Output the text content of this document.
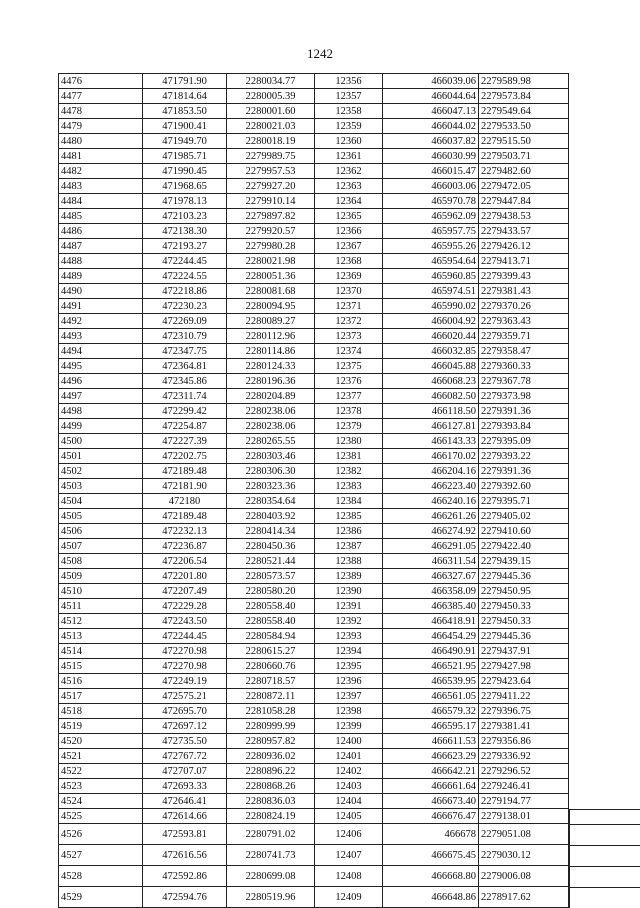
1242
4476	471791.90	2280034.77	12356	466039.06	2279589.98
4477	471814.64	2280005.39	12357	466044.64	2279573.84
4478	471853.50	2280001.60	12358	466047.13	2279549.64
4479	471900.41	2280021.03	12359	466044.02	2279533.50
4480	471949.70	2280018.19	12360	466037.82	2279515.50
4481	471985.71	2279989.75	12361	466030.99	2279503.71
4482	471990.45	2279957.53	12362	466015.47	2279482.60
4483	471968.65	2279927.20	12363	466003.06	2279472.05
4484	471978.13	2279910.14	12364	465970.78	2279447.84
4485	472103.23	2279897.82	12365	465962.09	2279438.53
4486	472138.30	2279920.57	12366	465957.75	2279433.57
4487	472193.27	2279980.28	12367	465955.26	2279426.12
4488	472244.45	2280021.98	12368	465954.64	2279413.71
4489	472224.55	2280051.36	12369	465960.85	2279399.43
4490	472218.86	2280081.68	12370	465974.51	2279381.43
4491	472230.23	2280094.95	12371	465990.02	2279370.26
4492	472269.09	2280089.27	12372	466004.92	2279363.43
4493	472310.79	2280112.96	12373	466020.44	2279359.71
4494	472347.75	2280114.86	12374	466032.85	2279358.47
4495	472364.81	2280124.33	12375	466045.88	2279360.33
4496	472345.86	2280196.36	12376	466068.23	2279367.78
4497	472311.74	2280204.89	12377	466082.50	2279373.98
4498	472299.42	2280238.06	12378	466118.50	2279391.36
4499	472254.87	2280238.06	12379	466127.81	2279393.84
4500	472227.39	2280265.55	12380	466143.33	2279395.09
4501	472202.75	2280303.46	12381	466170.02	2279393.22
4502	472189.48	2280306.30	12382	466204.16	2279391.36
4503	472181.90	2280323.36	12383	466223.40	2279392.60
4504	472180	2280354.64	12384	466240.16	2279395.71
4505	472189.48	2280403.92	12385	466261.26	2279405.02
4506	472232.13	2280414.34	12386	466274.92	2279410.60
4507	472236.87	2280450.36	12387	466291.05	2279422.40
4508	472206.54	2280521.44	12388	466311.54	2279439.15
4509	472201.80	2280573.57	12389	466327.67	2279445.36
4510	472207.49	2280580.20	12390	466358.09	2279450.95
4511	472229.28	2280558.40	12391	466385.40	2279450.33
4512	472243.50	2280558.40	12392	466418.91	2279450.33
4513	472244.45	2280584.94	12393	466454.29	2279445.36
4514	472270.98	2280615.27	12394	466490.91	2279437.91
4515	472270.98	2280660.76	12395	466521.95	2279427.98
4516	472249.19	2280718.57	12396	466539.95	2279423.64
4517	472575.21	2280872.11	12397	466561.05	2279411.22
4518	472695.70	2281058.28	12398	466579.32	2279396.75
4519	472697.12	2280999.99	12399	466595.17	2279381.41
4520	472735.50	2280957.82	12400	466611.53	2279356.86
4521	472767.72	2280936.02	12401	466623.29	2279336.92
4522	472707.07	2280896.22	12402	466642.21	2279296.52
4523	472693.33	2280868.26	12403	466661.64	2279246.41
4524	472646.41	2280836.03	12404	466673.40	2279194.77
4525	472614.66	2280824.19	12405	466676.47	2279138.01
4526	472593.81	2280791.02	12406	466678	2279051.08
4527	472616.56	2280741.73	12407	466675.45	2279030.12
4528	472592.86	2280699.08	12408	466668.80	2279006.08
4529	472594.76	2280519.96	12409	466648.86	2278917.62
